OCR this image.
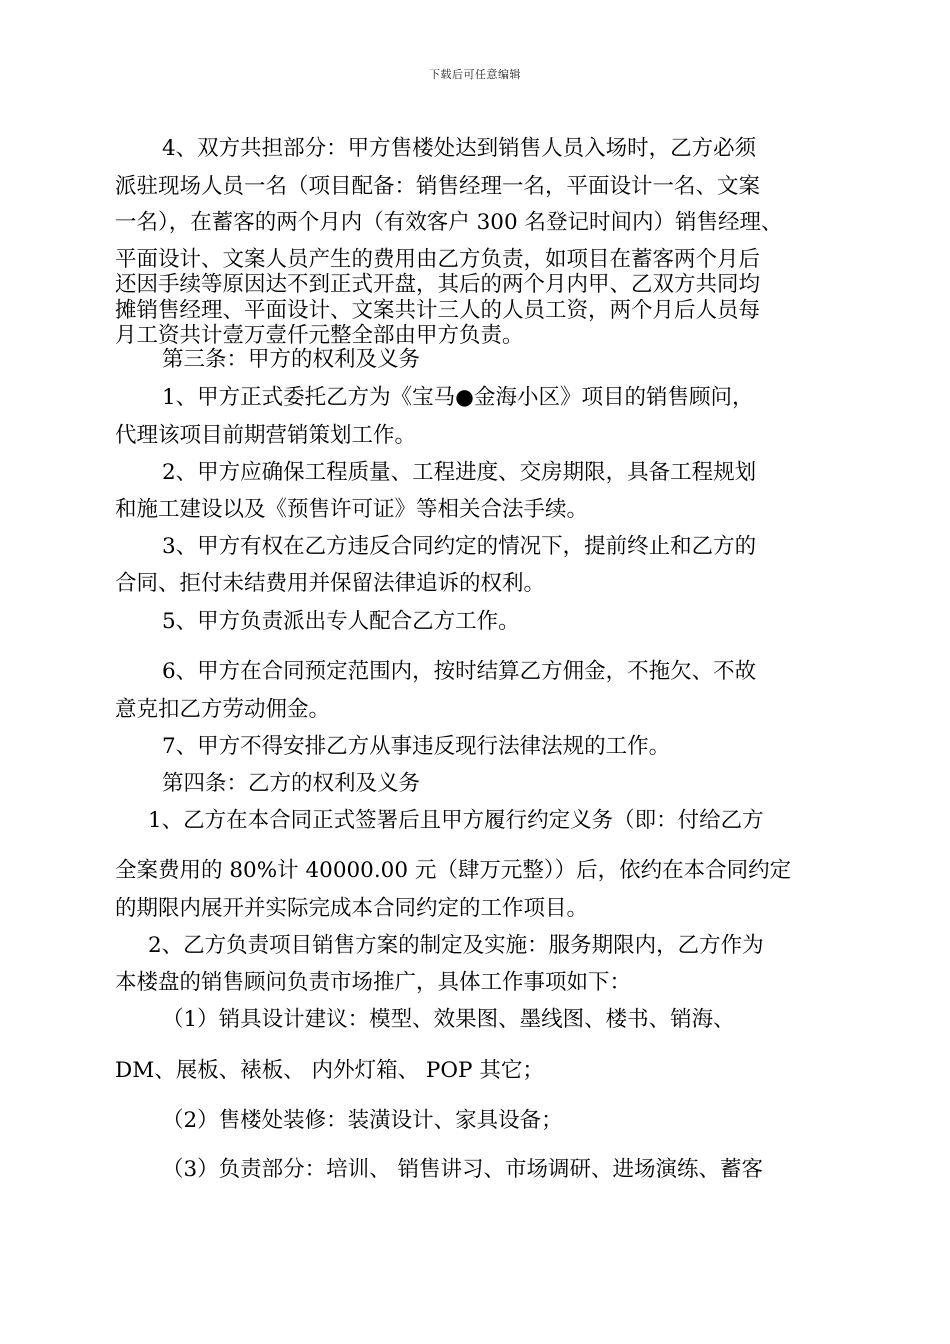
下载后可任意编辑
4、双方共担部分：甲方售楼处达到销售人员入场时，乙方必须
派驻现场人员一名（项目配备：销售经理一名，平面设计一名、文案
一名），在蓄客的两个月内（有效客户 300 名登记时间内）销售经理、
平面设计、文案人员产生的费用由乙方负责，如项目在蓄客两个月后
还因手续等原因达不到正式开盘，其后的两个月内甲、乙双方共同均
摊销售经理、平面设计、文案共计三人的人员工资，两个月后人员每
月工资共计壹万壹仟元整全部由甲方负责。
第三条：甲方的权利及义务
1、甲方正式委托乙方为《宝马●金海小区》项目的销售顾问，
代理该项目前期营销策划工作。
2、甲方应确保工程质量、工程进度、交房期限，具备工程规划
和施工建设以及《预售许可证》等相关合法手续。
3、甲方有权在乙方违反合同约定的情况下，提前终止和乙方的
合同、拒付未结费用并保留法律追诉的权利。
5、甲方负责派出专人配合乙方工作。
6、甲方在合同预定范围内，按时结算乙方佣金，不拖欠、不故
意克扣乙方劳动佣金。
7、甲方不得安排乙方从事违反现行法律法规的工作。
第四条：乙方的权利及义务
1、乙方在本合同正式签署后且甲方履行约定义务（即：付给乙方
全案费用的 80%计 40000.00 元（肆万元整））后，依约在本合同约定
的期限内展开并实际完成本合同约定的工作项目。
2、乙方负责项目销售方案的制定及实施：服务期限内，乙方作为
本楼盘的销售顾问负责市场推广，具体工作事项如下：
（1）销具设计建议：模型、效果图、墨线图、楼书、销海、
DM、展板、裱板、 内外灯箱、 POP 其它；
（2）售楼处装修：装潢设计、家具设备；
（3）负责部分：培训、 销售讲习、市场调研、进场演练、蓄客
